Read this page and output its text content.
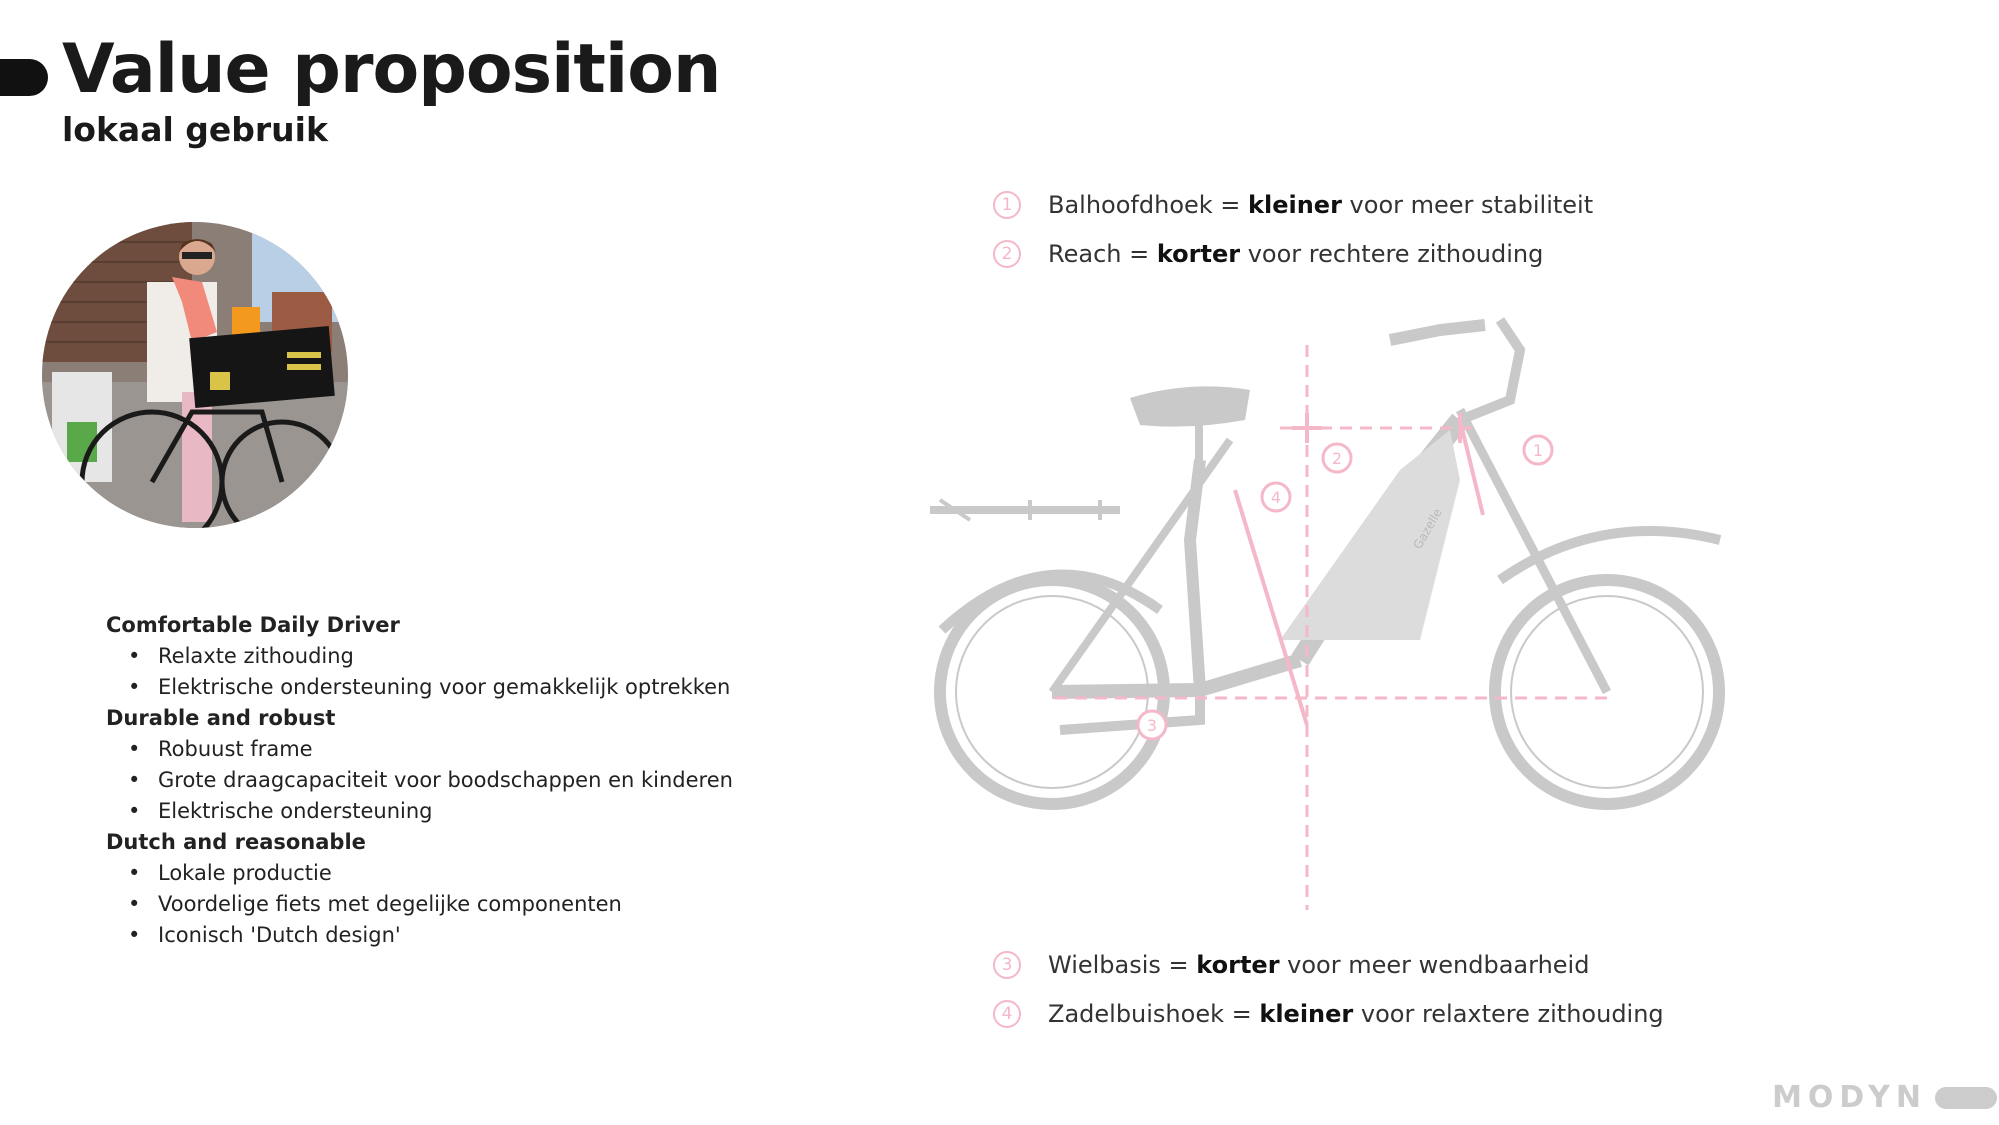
Value proposition
lokaal gebruik
Comfortable Daily Driver
• Relaxte zithouding
• Elektrische ondersteuning voor gemakkelijk optrekken
Durable and robust
• Robuust frame
• Grote draagcapaciteit voor boodschappen en kinderen
• Elektrische ondersteuning
Dutch and reasonable
• Lokale productie
• Voordelige fiets met degelijke componenten
• Iconisch 'Dutch design'
1	Balhoofdhoek = kleiner voor meer stabiliteit
2	Reach = korter voor rechtere zithouding
3	Wielbasis = korter voor meer wendbaarheid
4	Zadelbuishoek = kleiner voor relaxtere zithouding
1
2
3
4
Gazelle
MODYN
